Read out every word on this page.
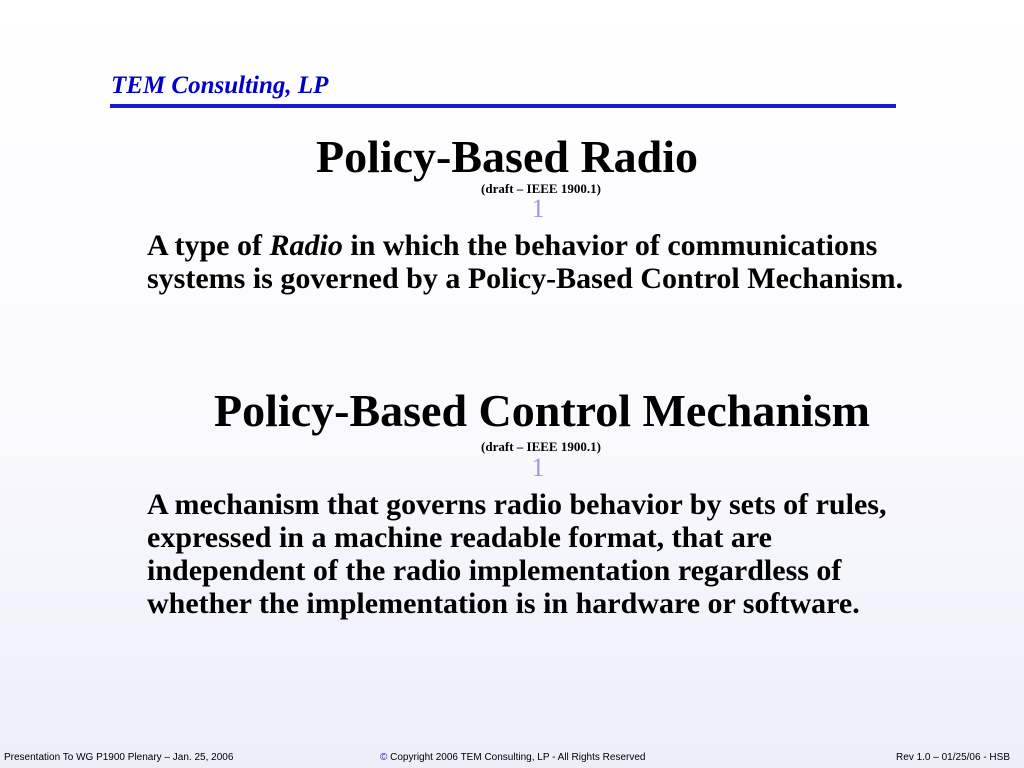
TEM Consulting, LP
Policy-Based Radio
(draft – IEEE 1900.1)
1
A type of Radio in which the behavior of communications systems is governed by a Policy-Based Control Mechanism.
Policy-Based Control Mechanism
(draft – IEEE 1900.1)
1
A mechanism that governs radio behavior by sets of rules, expressed in a machine readable format, that are independent of the radio implementation regardless of whether the implementation is in hardware or software.
Presentation To WG P1900 Plenary – Jan. 25, 2006	© Copyright 2006 TEM Consulting, LP - All Rights Reserved	Rev 1.0 – 01/25/06 - HSB
